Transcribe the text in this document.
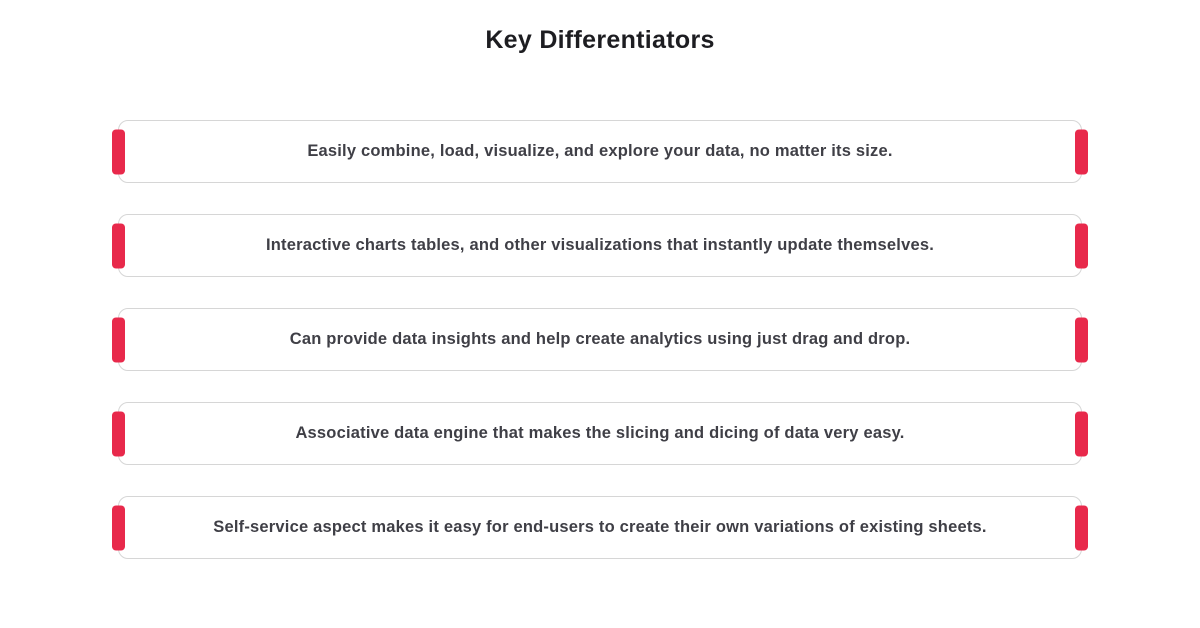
Key Differentiators
Easily combine, load, visualize, and explore your data, no matter its size.
Interactive charts tables, and other visualizations that instantly update themselves.
Can provide data insights and help create analytics using just drag and drop.
Associative data engine that makes the slicing and dicing of data very easy.
Self-service aspect makes it easy for end-users to create their own variations of existing sheets.
